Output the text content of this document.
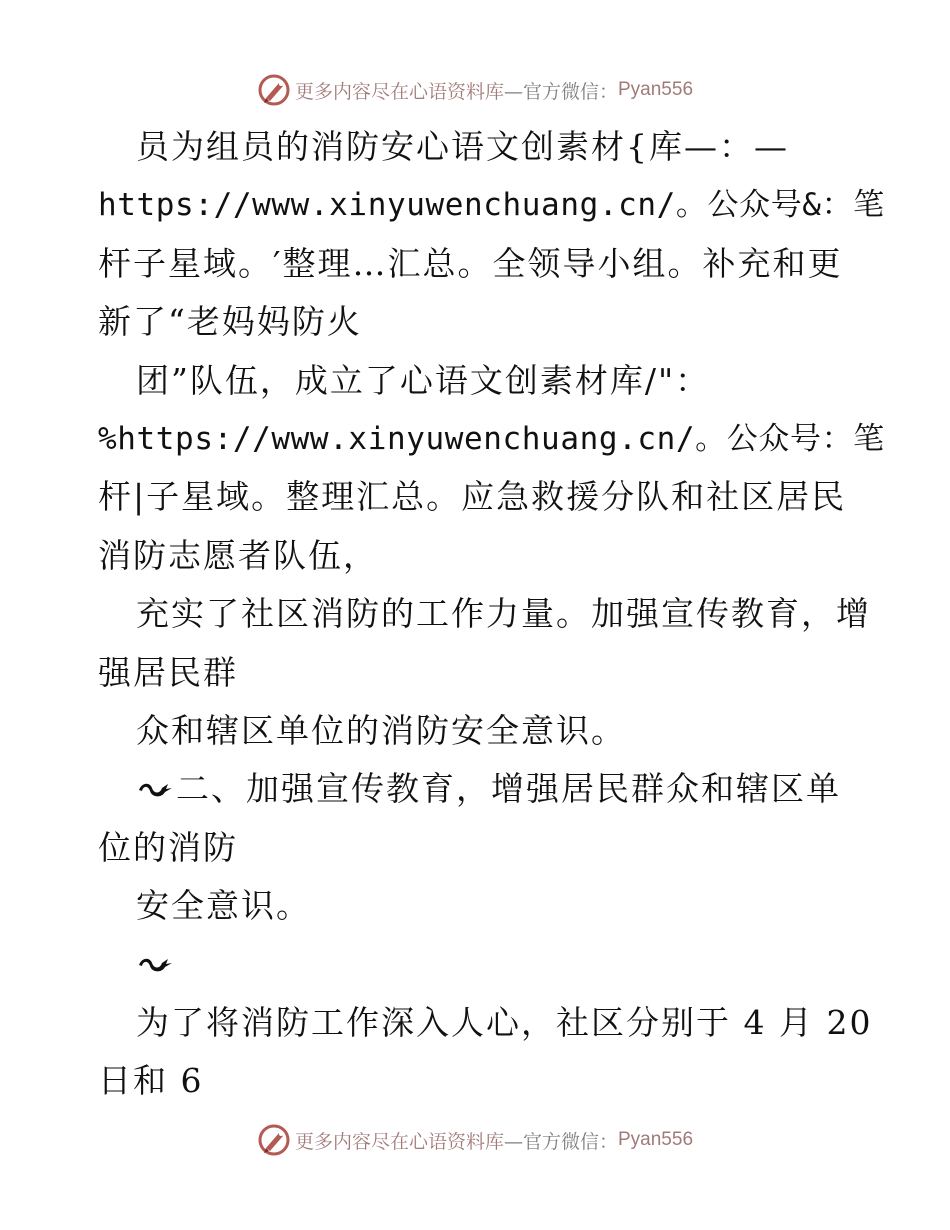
更多内容尽在心语资料库 —官方微信： Pyan556
员为组员的消防安心语文创素材{库—：—
https://www.xinyuwenchuang.cn/。公众号&：笔
杆子星域。′整理…汇总。全领导小组。补充和更
新了“老妈妈防火
团”队伍，成立了心语文创素材库/"：
%https://www.xinyuwenchuang.cn/。公众号：笔
杆|子星域。整理汇总。应急救援分队和社区居民
消防志愿者队伍，
充实了社区消防的工作力量。加强宣传教育，增
强居民群
众和辖区单位的消防安全意识。
二、加强宣传教育，增强居民群众和辖区单
位的消防
安全意识。
为了将消防工作深入人心，社区分别于 4 月 20
日和 6
更多内容尽在心语资料库 —官方微信： Pyan556
